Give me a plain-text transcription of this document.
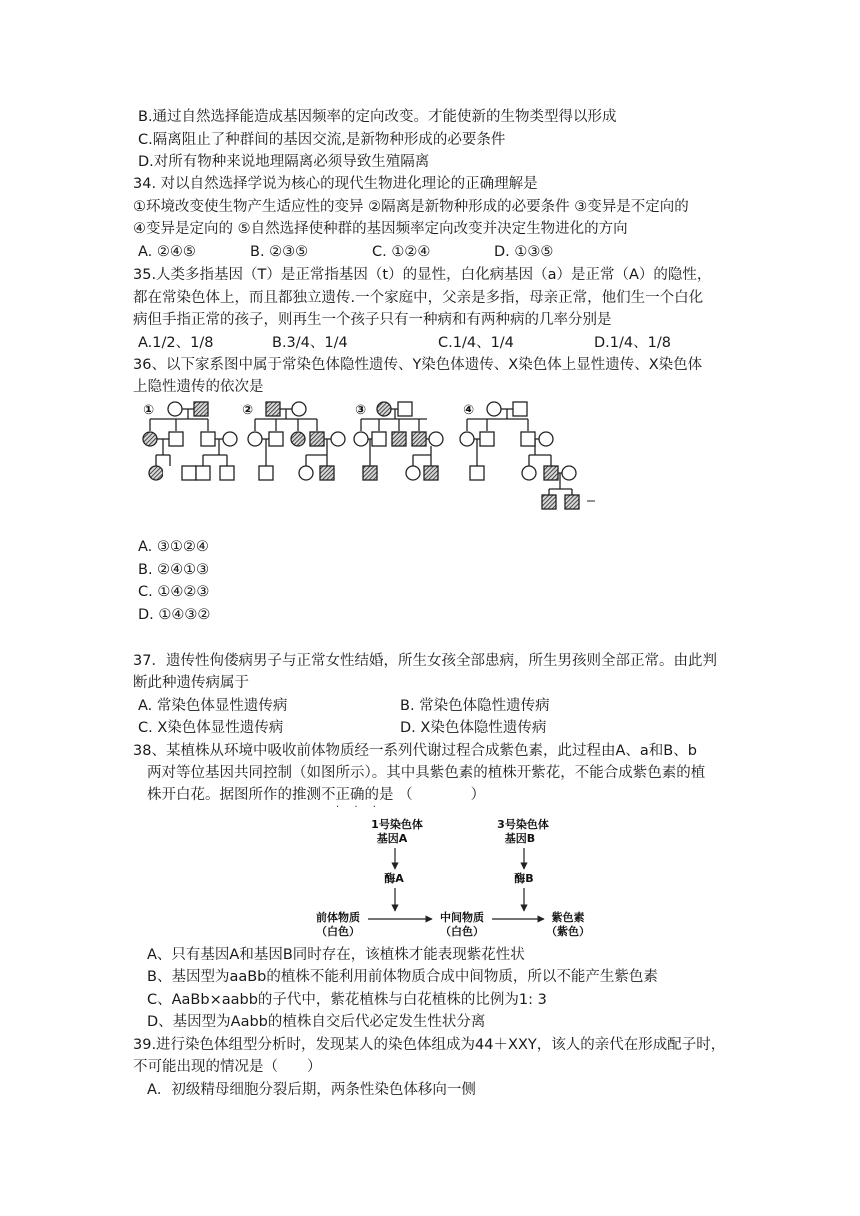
B.通过自然选择能造成基因频率的定向改变。才能使新的生物类型得以形成
C.隔离阻止了种群间的基因交流,是新物种形成的必要条件
D.对所有物种来说地理隔离必须导致生殖隔离
34. 对以自然选择学说为核心的现代生物进化理论的正确理解是
①环境改变使生物产生适应性的变异 ②隔离是新物种形成的必要条件 ③变异是不定向的
④变异是定向的 ⑤自然选择使种群的基因频率定向改变并决定生物进化的方向
A. ②④⑤	B. ②③⑤	C. ①②④	D. ①③⑤
35.人类多指基因（T）是正常指基因（t）的显性，白化病基因（a）是正常（A）的隐性，
都在常染色体上，而且都独立遗传.一个家庭中，父亲是多指，母亲正常，他们生一个白化
病但手指正常的孩子，则再生一个孩子只有一种病和有两种病的几率分别是
A.1/2、1/8	B.3/4、1/4	C.1/4、1/4	D.1/4、1/8
36、以下家系图中属于常染色体隐性遗传、Y染色体遗传、X染色体上显性遗传、X染色体
上隐性遗传的依次是
①	②	③	④
A. ③①②④
B. ②④①③
C. ①④②③
D. ①④③②
37．遗传性佝偻病男子与正常女性结婚，所生女孩全部患病，所生男孩则全部正常。由此判
断此种遗传病属于
A. 常染色体显性遗传病	B. 常染色体隐性遗传病
C. X染色体显性遗传病	D. X染色体隐性遗传病
38、某植株从环境中吸收前体物质经一系列代谢过程合成紫色素，此过程由A、a和B、b
两对等位基因共同控制（如图所示）。其中具紫色素的植株开紫花，不能合成紫色素的植
株开白花。据图所作的推测不正确的是 （　　　　）
· · ·
1号染色体
基因A
3号染色体
基因B
酶A	酶B
前体物质
（白色）
中间物质
（白色）
紫色素
（紫色）
A、只有基因A和基因B同时存在，该植株才能表现紫花性状
B、基因型为aaBb的植株不能利用前体物质合成中间物质，所以不能产生紫色素
C、AaBb×aabb的子代中，紫花植株与白花植株的比例为1: 3
D、基因型为Aabb的植株自交后代必定发生性状分离
39.进行染色体组型分析时，发现某人的染色体组成为44＋XXY，该人的亲代在形成配子时，
不可能出现的情况是（　　）
A．初级精母细胞分裂后期，两条性染色体移向一侧
